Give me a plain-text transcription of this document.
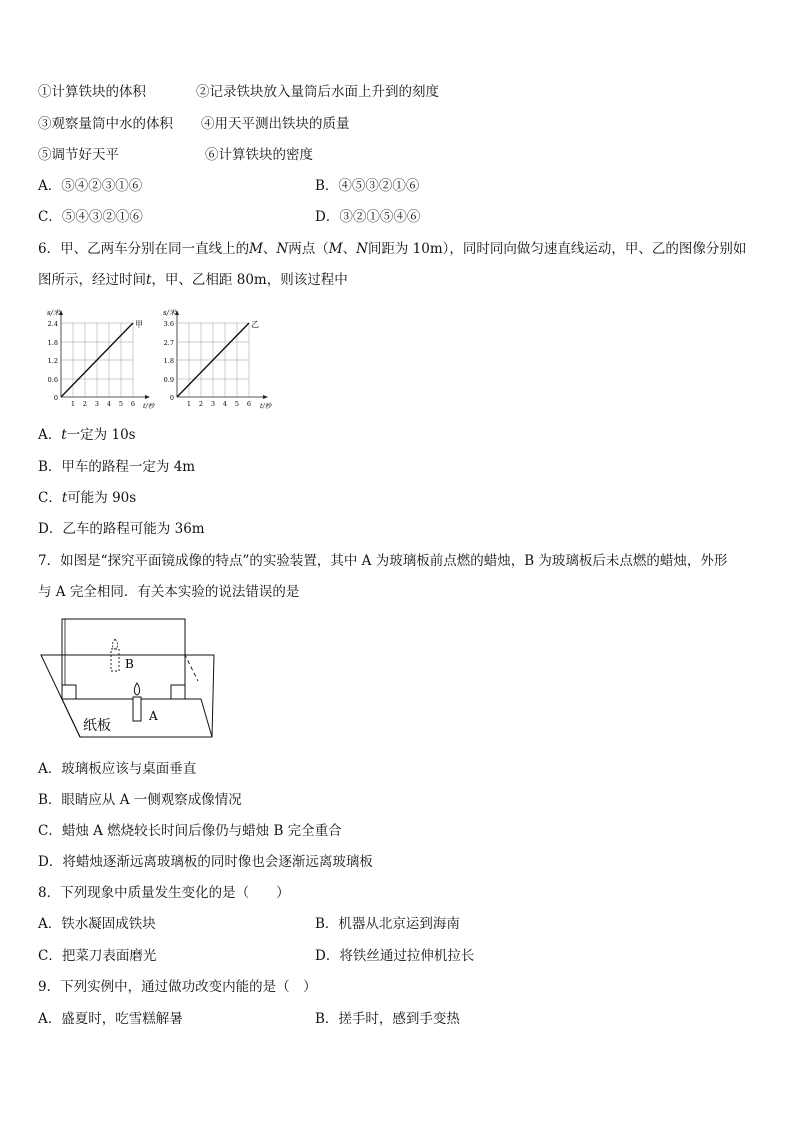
①计算铁块的体积	②记录铁块放入量筒后水面上升到的刻度
③观察量筒中水的体积 ④用天平测出铁块的质量
⑤调节好天平	⑥计算铁块的密度
A．⑤④②③①⑥	B．④⑤③②①⑥
C．⑤④③②①⑥	D．③②①⑤④⑥
6．甲、乙两车分别在同一直线上的M、N两点（M、N间距为 10m），同时同向做匀速直线运动，甲、乙的图像分别如
图所示，经过时间t，甲、乙相距 80m，则该过程中
s/米
甲
2.4
1.8
1.2
0.6
0
1 2 3 4 5 6 t/秒
s/米
乙
3.6
2.7
1.8
0.9
0
1 2 3 4 5 6 t/秒
A．t一定为 10s
B．甲车的路程一定为 4m
C．t可能为 90s
D．乙车的路程可能为 36m
7．如图是“探究平面镜成像的特点”的实验装置，其中 A 为玻璃板前点燃的蜡烛，B 为玻璃板后未点燃的蜡烛，外形
与 A 完全相同．有关本实验的说法错误的是
B
A
纸板
A．玻璃板应该与桌面垂直
B．眼睛应从 A 一侧观察成像情况
C．蜡烛 A 燃烧较长时间后像仍与蜡烛 B 完全重合
D．将蜡烛逐渐远离玻璃板的同时像也会逐渐远离玻璃板
8．下列现象中质量发生变化的是（　　）
A．铁水凝固成铁块	B．机器从北京运到海南
C．把菜刀表面磨光	D．将铁丝通过拉伸机拉长
9．下列实例中，通过做功改变内能的是（　）
A．盛夏时，吃雪糕解暑	B．搓手时，感到手变热
